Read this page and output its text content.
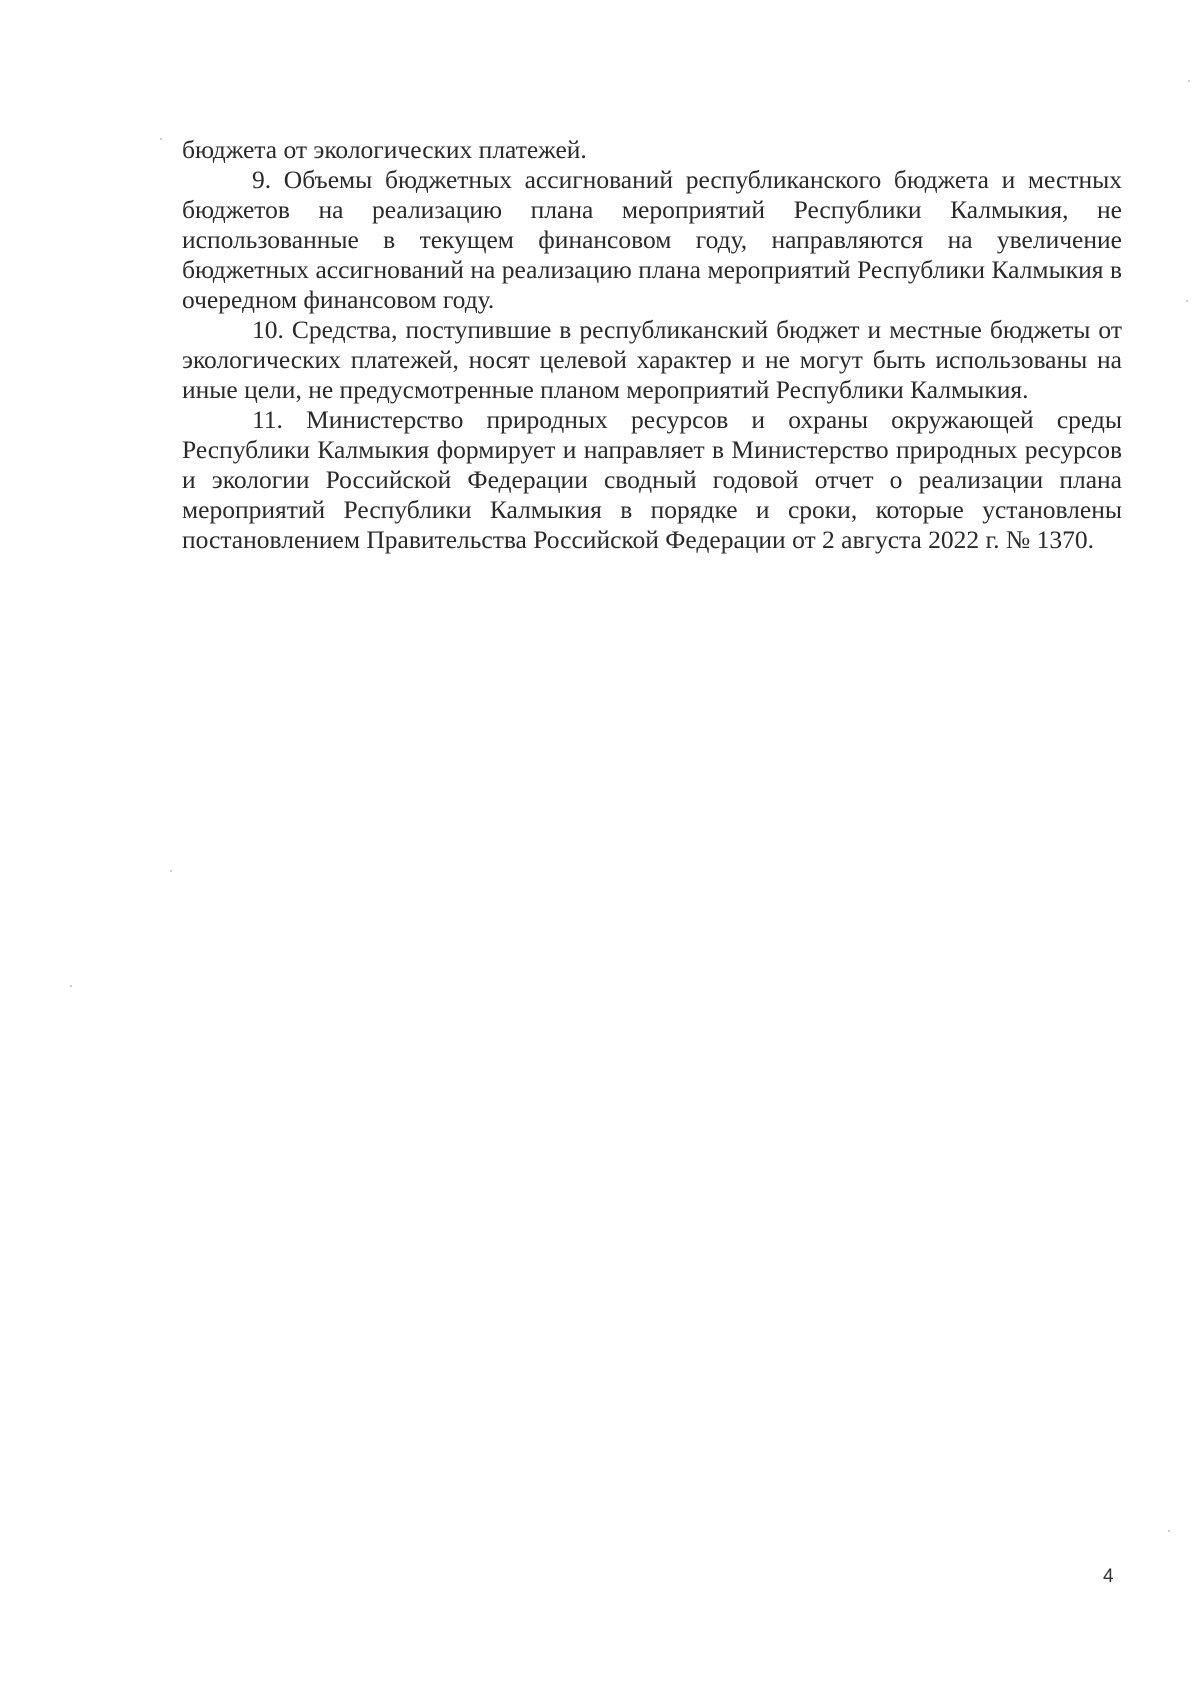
бюджета от экологических платежей.

9. Объемы бюджетных ассигнований республиканского бюджета и местных бюджетов на реализацию плана мероприятий Республики Калмыкия, не использованные в текущем финансовом году, направляются на увеличение бюджетных ассигнований на реализацию плана мероприятий Республики Калмыкия в очередном финансовом году.

10. Средства, поступившие в республиканский бюджет и местные бюджеты от экологических платежей, носят целевой характер и не могут быть использованы на иные цели, не предусмотренные планом мероприятий Республики Калмыкия.

11. Министерство природных ресурсов и охраны окружающей среды Республики Калмыкия формирует и направляет в Министерство природных ресурсов и экологии Российской Федерации сводный годовой отчет о реализации плана мероприятий Республики Калмыкия в порядке и сроки, которые установлены постановлением Правительства Российской Федерации от 2 августа 2022 г. № 1370.

4
